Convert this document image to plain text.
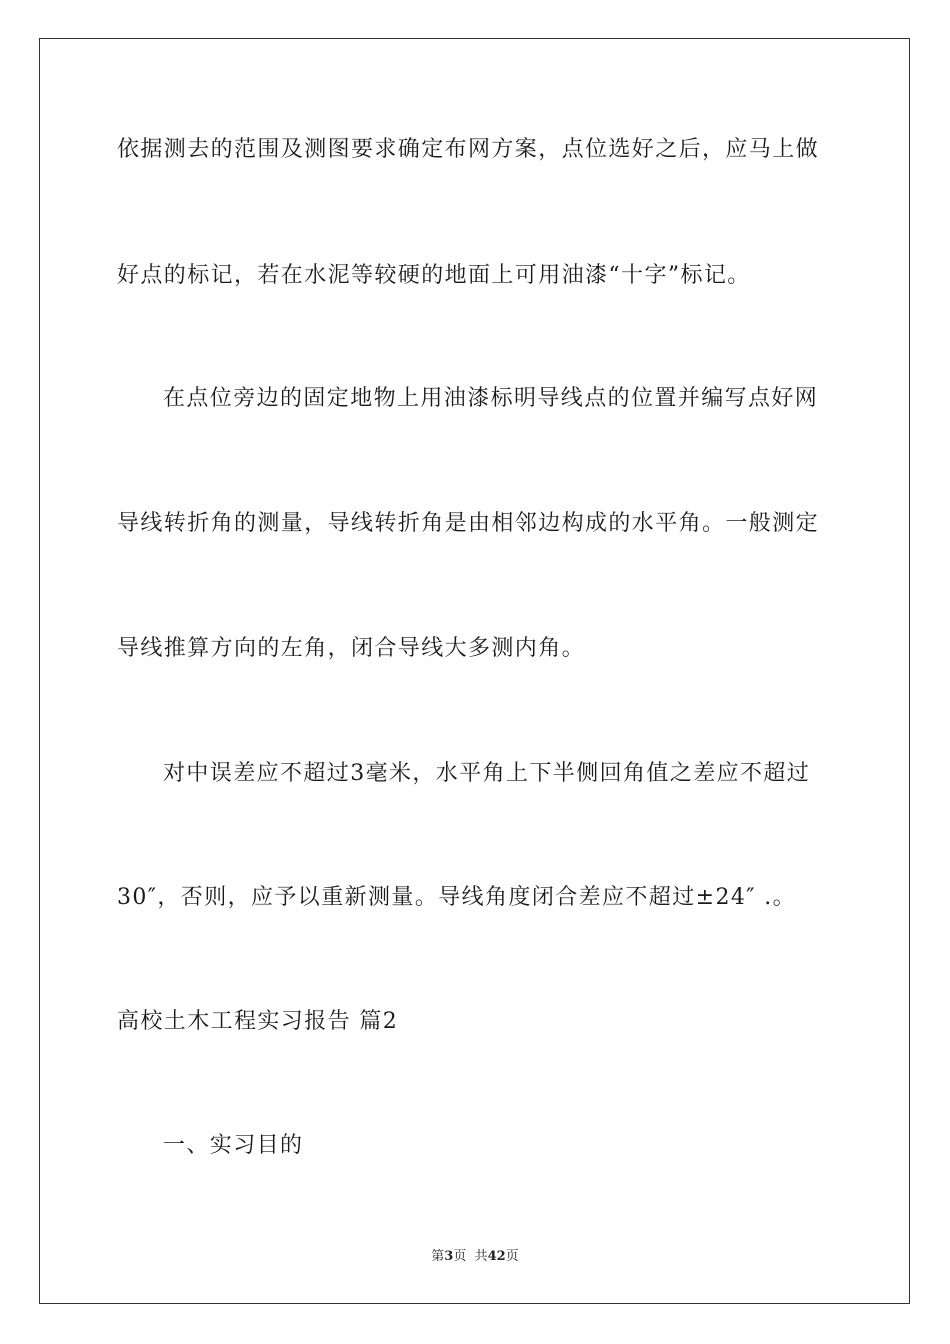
依据测去的范围及测图要求确定布网方案，点位选好之后，应马上做
好点的标记，若在水泥等较硬的地面上可用油漆“十字”标记。
在点位旁边的固定地物上用油漆标明导线点的位置并编写点好网
导线转折角的测量，导线转折角是由相邻边构成的水平角。一般测定
导线推算方向的左角，闭合导线大多测内角。
对中误差应不超过3毫米，水平角上下半侧回角值之差应不超过
30″，否则，应予以重新测量。导线角度闭合差应不超过±24″ .。
高校土木工程实习报告 篇2
一、实习目的
第3页  共42页
